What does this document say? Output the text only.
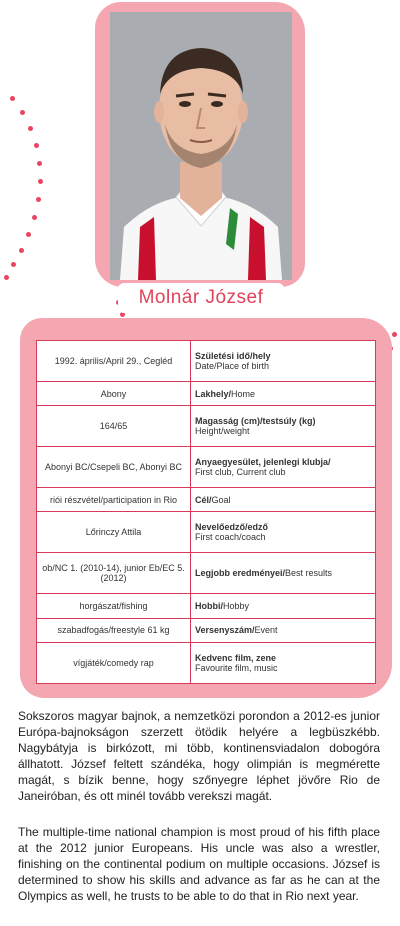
Molnár József
1992. április/April 29., Cegléd	Születési idő/hely
Date/Place of birth

Abony	Lakhely/Home
164/65	Magasság (cm)/testsúly (kg)
Height/weight

Abonyi BC/Csepeli BC, Abonyi BC	Anyaegyesület, jelenlegi klubja/
First club, Current club

riói részvétel/participation in Rio	Cél/Goal
Lőrinczy Attila	Nevelőedző/edző
First coach/coach

ob/NC 1. (2010-14), junior Eb/EC 5. (2012)	Legjobb eredményei/Best results
horgászat/fishing	Hobbi/Hobby
szabadfogás/freestyle 61 kg	Versenyszám/Event
vígjáték/comedy rap	Kedvenc film, zene
Favourite film, music

Sokszoros magyar bajnok, a nemzetközi porondon a 2012-es junior Európa-bajnokságon szerzett ötödik helyére a legbüszkébb. Nagybátyja is birkózott, mi több, kontinensviadalon dobogóra állhatott. József feltett szándéka, hogy olimpián is megmérette magát, s bízik benne, hogy szőnyegre léphet jövőre Rio de Janeiróban, és ott minél tovább verekszi magát.

The multiple-time national champion is most proud of his fifth place at the 2012 junior Europeans. His uncle was also a wrestler, finishing on the continental podium on multiple occasions. József is determined to show his skills and advance as far as he can at the Olympics as well, he trusts to be able to do that in Rio next year.
